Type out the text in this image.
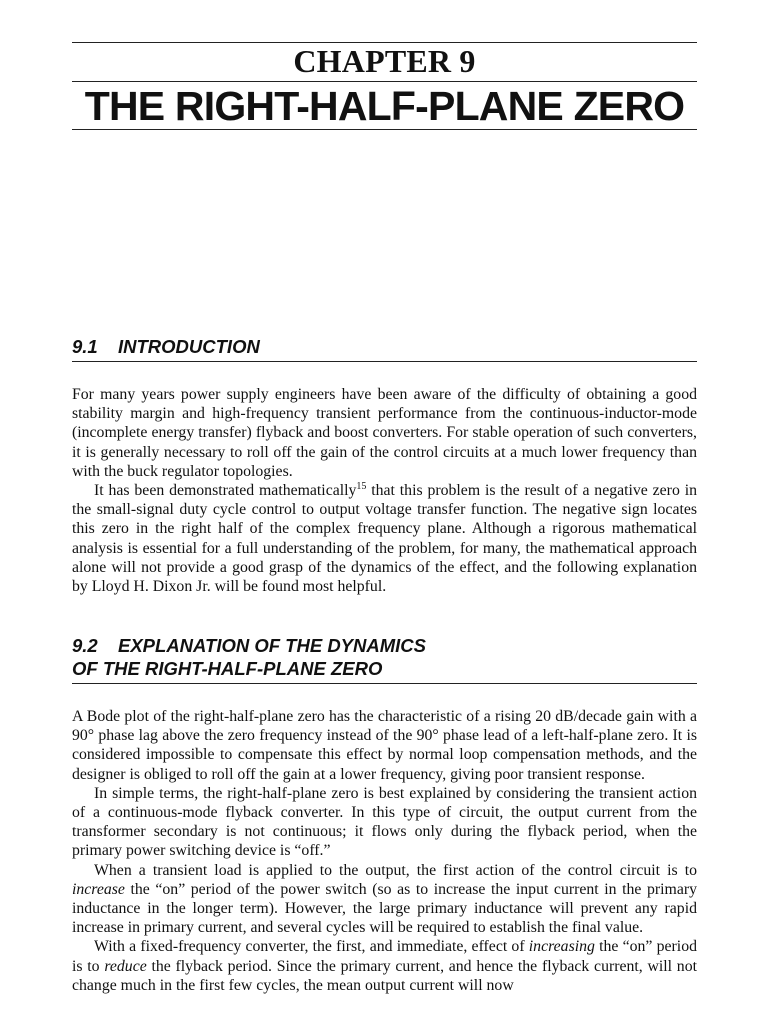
CHAPTER 9
THE RIGHT-HALF-PLANE ZERO
9.1 INTRODUCTION

For many years power supply engineers have been aware of the difficulty of obtaining a good stability margin and high-frequency transient performance from the continuous-inductor-mode (incomplete energy transfer) flyback and boost converters. For stable operation of such converters, it is generally necessary to roll off the gain of the control circuits at a much lower frequency than with the buck regulator topologies.

It has been demonstrated mathematically$^{15}$ that this problem is the result of a negative zero in the small-signal duty cycle control to output voltage transfer function. The negative sign locates this zero in the right half of the complex frequency plane. Although a rigorous mathematical analysis is essential for a full understanding of the problem, for many, the mathematical approach alone will not provide a good grasp of the dynamics of the effect, and the following explanation by Lloyd H. Dixon Jr. will be found most helpful.

9.2 EXPLANATION OF THE DYNAMICS
OF THE RIGHT-HALF-PLANE ZERO

A Bode plot of the right-half-plane zero has the characteristic of a rising 20 dB/decade gain with a 90° phase lag above the zero frequency instead of the 90° phase lead of a left-half-plane zero. It is considered impossible to compensate this effect by normal loop compensation methods, and the designer is obliged to roll off the gain at a lower frequency, giving poor transient response.

In simple terms, the right-half-plane zero is best explained by considering the transient action of a continuous-mode flyback converter. In this type of circuit, the output current from the transformer secondary is not continuous; it flows only during the flyback period, when the primary power switching device is “off.”

When a transient load is applied to the output, the first action of the control circuit is to increase the “on” period of the power switch (so as to increase the input current in the primary inductance in the longer term). However, the large primary inductance will prevent any rapid increase in primary current, and several cycles will be required to establish the final value.

With a fixed-frequency converter, the first, and immediate, effect of increasing the “on” period is to reduce the flyback period. Since the primary current, and hence the flyback current, will not change much in the first few cycles, the mean output current will now
